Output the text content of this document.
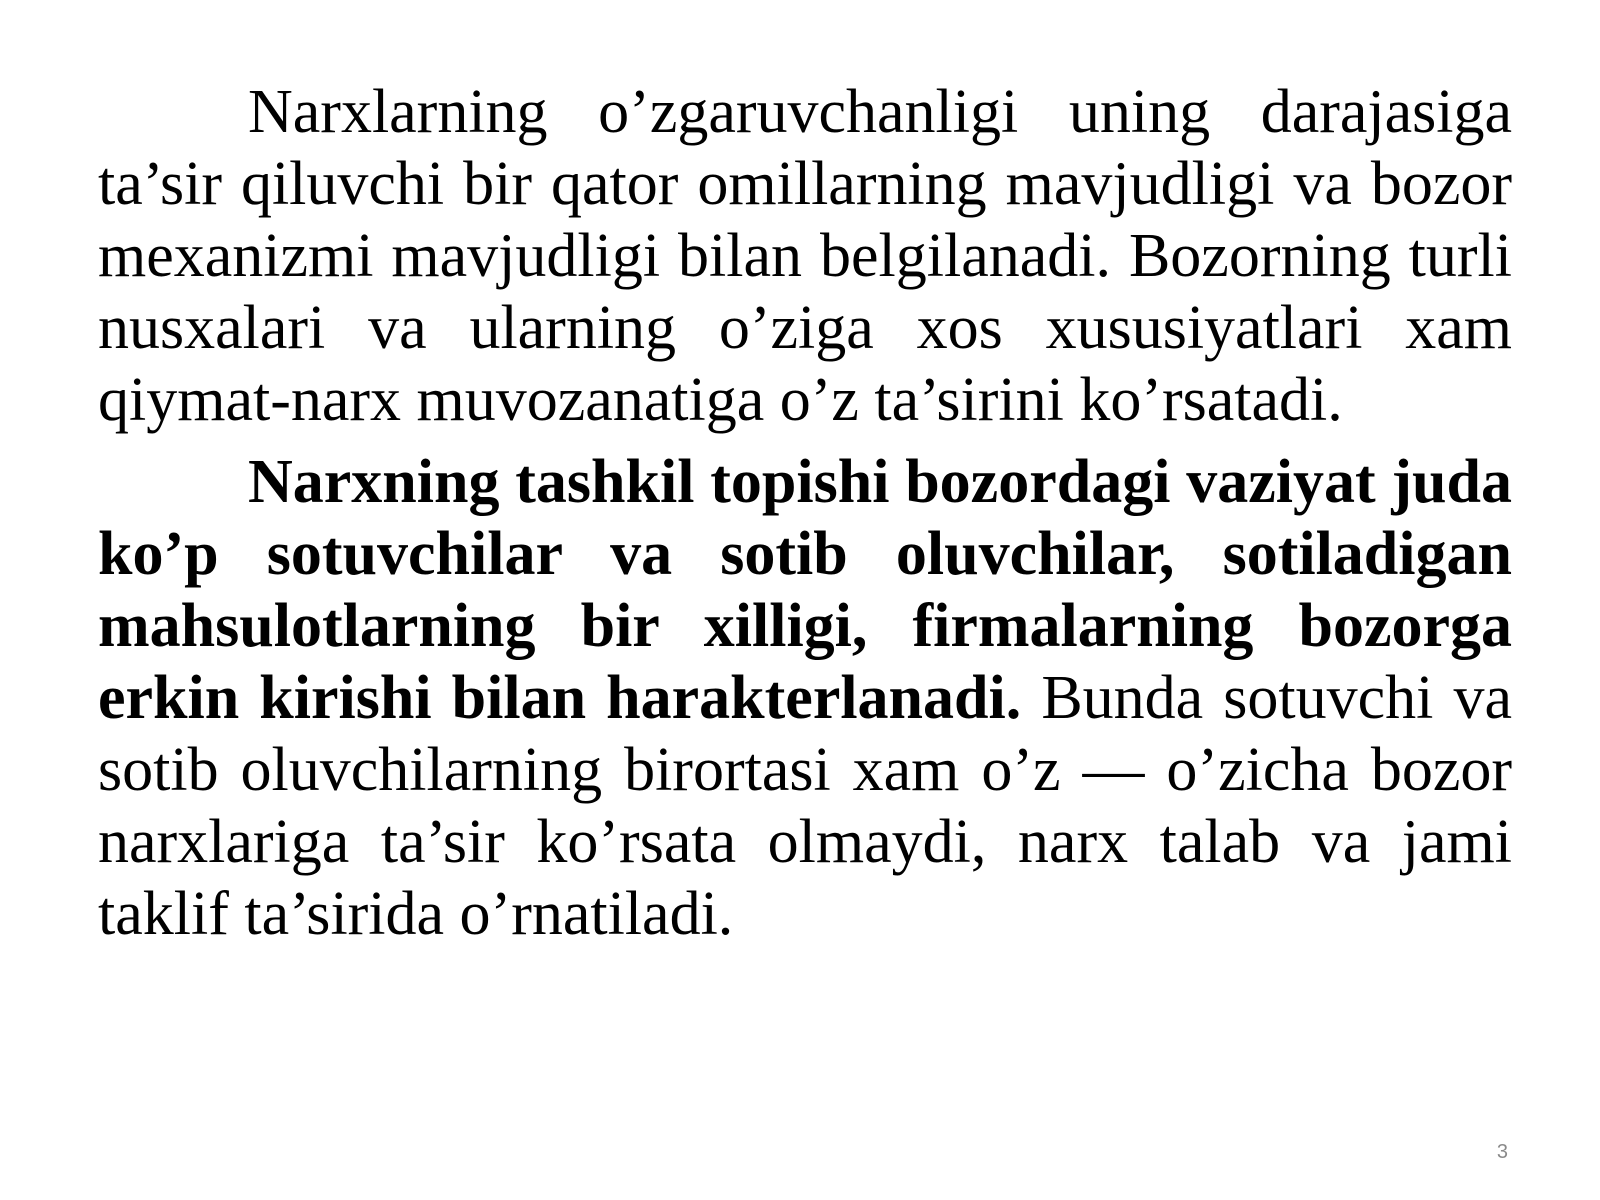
Narxlarning o’zgaruvchanligi uning darajasiga ta’sir qiluvchi bir qator omillarning mavjudligi va bozor mexanizmi mavjudligi bilan belgilanadi. Bozorning turli nusxalari va ularning o’ziga xos xususiyatlari xam qiymat-narx muvozanatiga o’z ta’sirini ko’rsatadi.

Narxning tashkil topishi bozordagi vaziyat juda ko’p sotuvchilar va sotib oluvchilar, sotiladigan mahsulotlarning bir xilligi, firmalarning bozorga erkin kirishi bilan harakterlanadi. Bunda sotuvchi va sotib oluvchilarning birortasi xam o’z — o’zicha bozor narxlariga ta’sir ko’rsata olmaydi, narx talab va jami taklif ta’sirida o’rnatiladi.

3
